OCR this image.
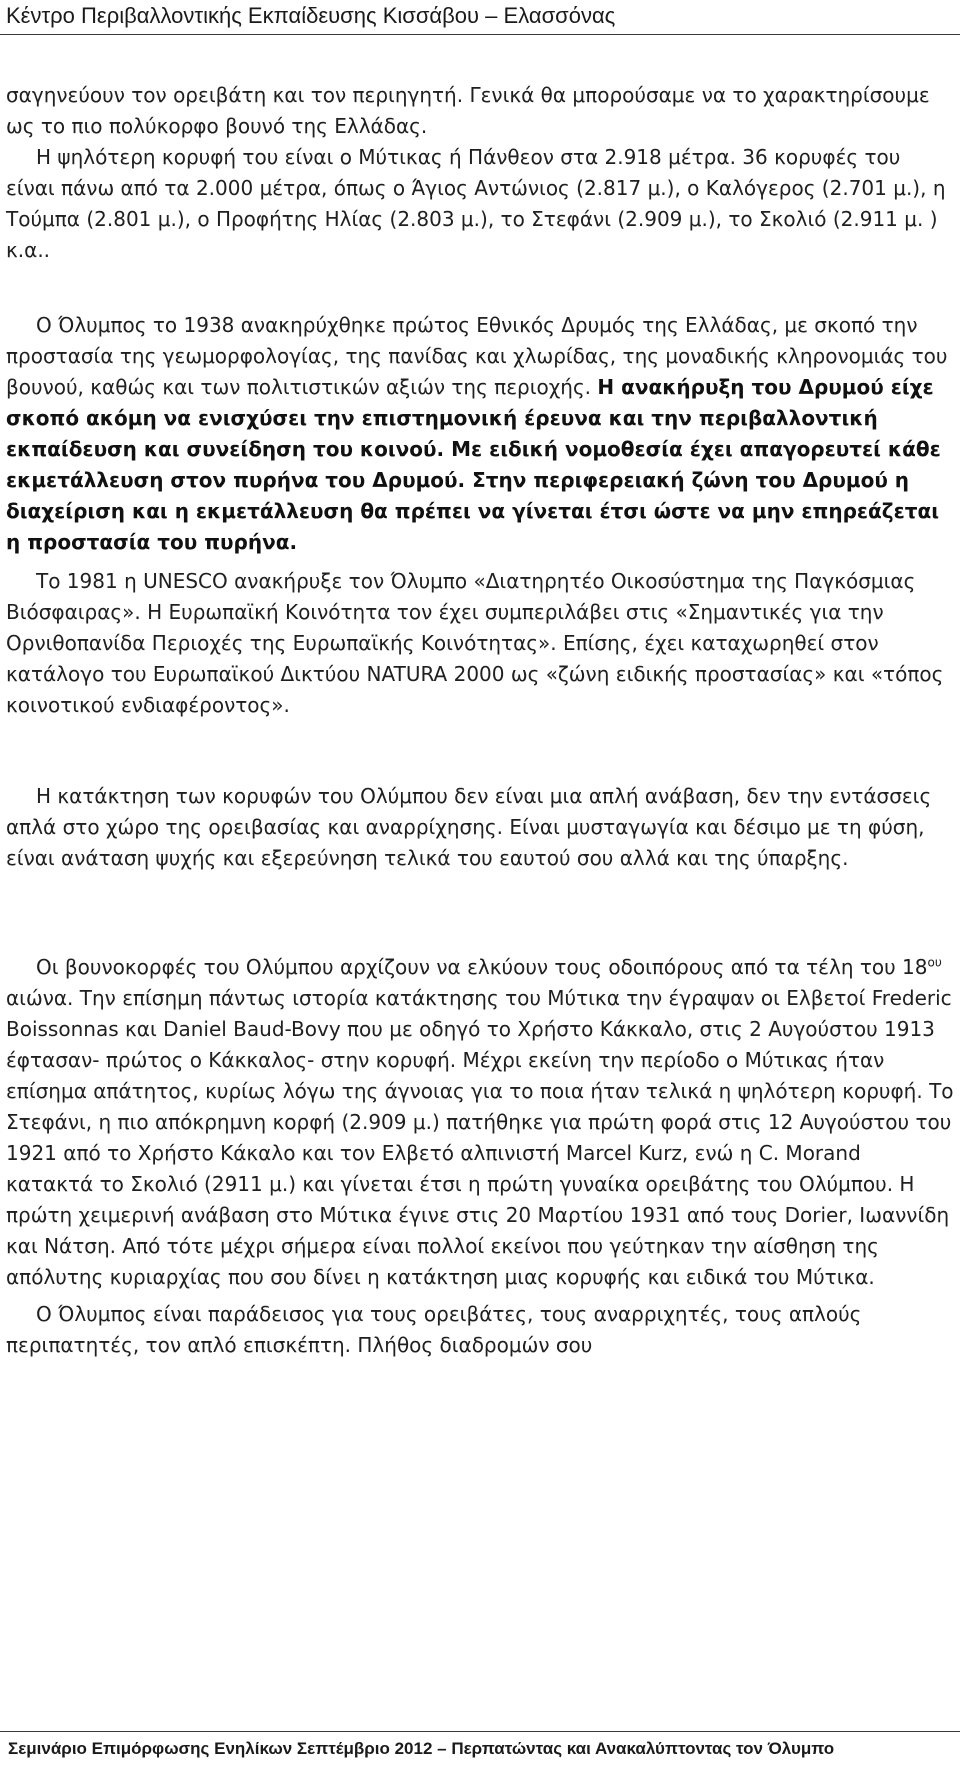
Κέντρο Περιβαλλοντικής Εκπαίδευσης Κισσάβου – Ελασσόνας

σαγηνεύουν τον ορειβάτη και τον περιηγητή. Γενικά θα μπορούσαμε να το χαρακτηρίσουμε ως το πιο πολύκορφο βουνό της Ελλάδας.

Η ψηλότερη κορυφή του είναι ο Μύτικας ή Πάνθεον στα 2.918 μέτρα. 36 κορυφές του είναι πάνω από τα 2.000 μέτρα, όπως ο Άγιος Αντώνιος (2.817 μ.), ο Καλόγερος (2.701 μ.), η Τούμπα (2.801 μ.), ο Προφήτης Ηλίας (2.803 μ.), το Στεφάνι (2.909 μ.), το Σκολιό (2.911 μ. ) κ.α..

Ο Όλυμπος το 1938 ανακηρύχθηκε πρώτος Εθνικός Δρυμός της Ελλάδας, με σκοπό την προστασία της γεωμορφολογίας, της πανίδας και χλωρίδας, της μοναδικής κληρονομιάς του βουνού, καθώς και των πολιτιστικών αξιών της περιοχής. Η ανακήρυξη του Δρυμού είχε σκοπό ακόμη να ενισχύσει την επιστημονική έρευνα και την περιβαλλοντική εκπαίδευση και συνείδηση του κοινού. Με ειδική νομοθεσία έχει απαγορευτεί κάθε εκμετάλλευση στον πυρήνα του Δρυμού. Στην περιφερειακή ζώνη του Δρυμού η διαχείριση και η εκμετάλλευση θα πρέπει να γίνεται έτσι ώστε να μην επηρεάζεται η προστασία του πυρήνα.

Το 1981 η UNESCO ανακήρυξε τον Όλυμπο «Διατηρητέο Οικοσύστημα της Παγκόσμιας Βιόσφαιρας». Η Ευρωπαϊκή Κοινότητα τον έχει συμπεριλάβει στις «Σημαντικές για την Ορνιθοπανίδα Περιοχές της Ευρωπαϊκής Κοινότητας». Επίσης, έχει καταχωρηθεί στον κατάλογο του Ευρωπαϊκού Δικτύου NATURA 2000 ως «ζώνη ειδικής προστασίας» και «τόπος κοινοτικού ενδιαφέροντος».

Η κατάκτηση των κορυφών του Ολύμπου δεν είναι μια απλή ανάβαση, δεν την εντάσσεις απλά στο χώρο της ορειβασίας και αναρρίχησης. Είναι μυσταγωγία και δέσιμο με τη φύση, είναι ανάταση ψυχής και εξερεύνηση τελικά του εαυτού σου αλλά και της ύπαρξης.

Οι βουνοκορφές του Ολύμπου αρχίζουν να ελκύουν τους οδοιπόρους από τα τέλη του $18^{o\upsilon}$ αιώνα. Την επίσημη πάντως ιστορία κατάκτησης του Μύτικα την έγραψαν οι Ελβετοί Frederic Boissonnas και Daniel Baud-Bovy που με οδηγό το Χρήστο Κάκκαλο, στις 2 Αυγούστου 1913 έφτασαν- πρώτος ο Κάκκαλος- στην κορυφή. Μέχρι εκείνη την περίοδο ο Μύτικας ήταν επίσημα απάτητος, κυρίως λόγω της άγνοιας για το ποια ήταν τελικά η ψηλότερη κορυφή. Το Στεφάνι, η πιο απόκρημνη κορφή (2.909 μ.) πατήθηκε για πρώτη φορά στις 12 Αυγούστου του 1921 από το Χρήστο Κάκαλο και τον Ελβετό αλπινιστή Marcel Kurz, ενώ η C. Morand κατακτά το Σκολιό (2911 μ.) και γίνεται έτσι η πρώτη γυναίκα ορειβάτης του Ολύμπου. Η πρώτη χειμερινή ανάβαση στο Μύτικα έγινε στις 20 Μαρτίου 1931 από τους Dorier, Ιωαννίδη και Νάτση. Από τότε μέχρι σήμερα είναι πολλοί εκείνοι που γεύτηκαν την αίσθηση της απόλυτης κυριαρχίας που σου δίνει η κατάκτηση μιας κορυφής και ειδικά του Μύτικα.

Ο Όλυμπος είναι παράδεισος για τους ορειβάτες, τους αναρριχητές, τους απλούς περιπατητές, τον απλό επισκέπτη. Πλήθος διαδρομών σου

Σεμινάριο Επιμόρφωσης Ενηλίκων Σεπτέμβριο 2012 – Περπατώντας και Ανακαλύπτοντας τον Όλυμπο
